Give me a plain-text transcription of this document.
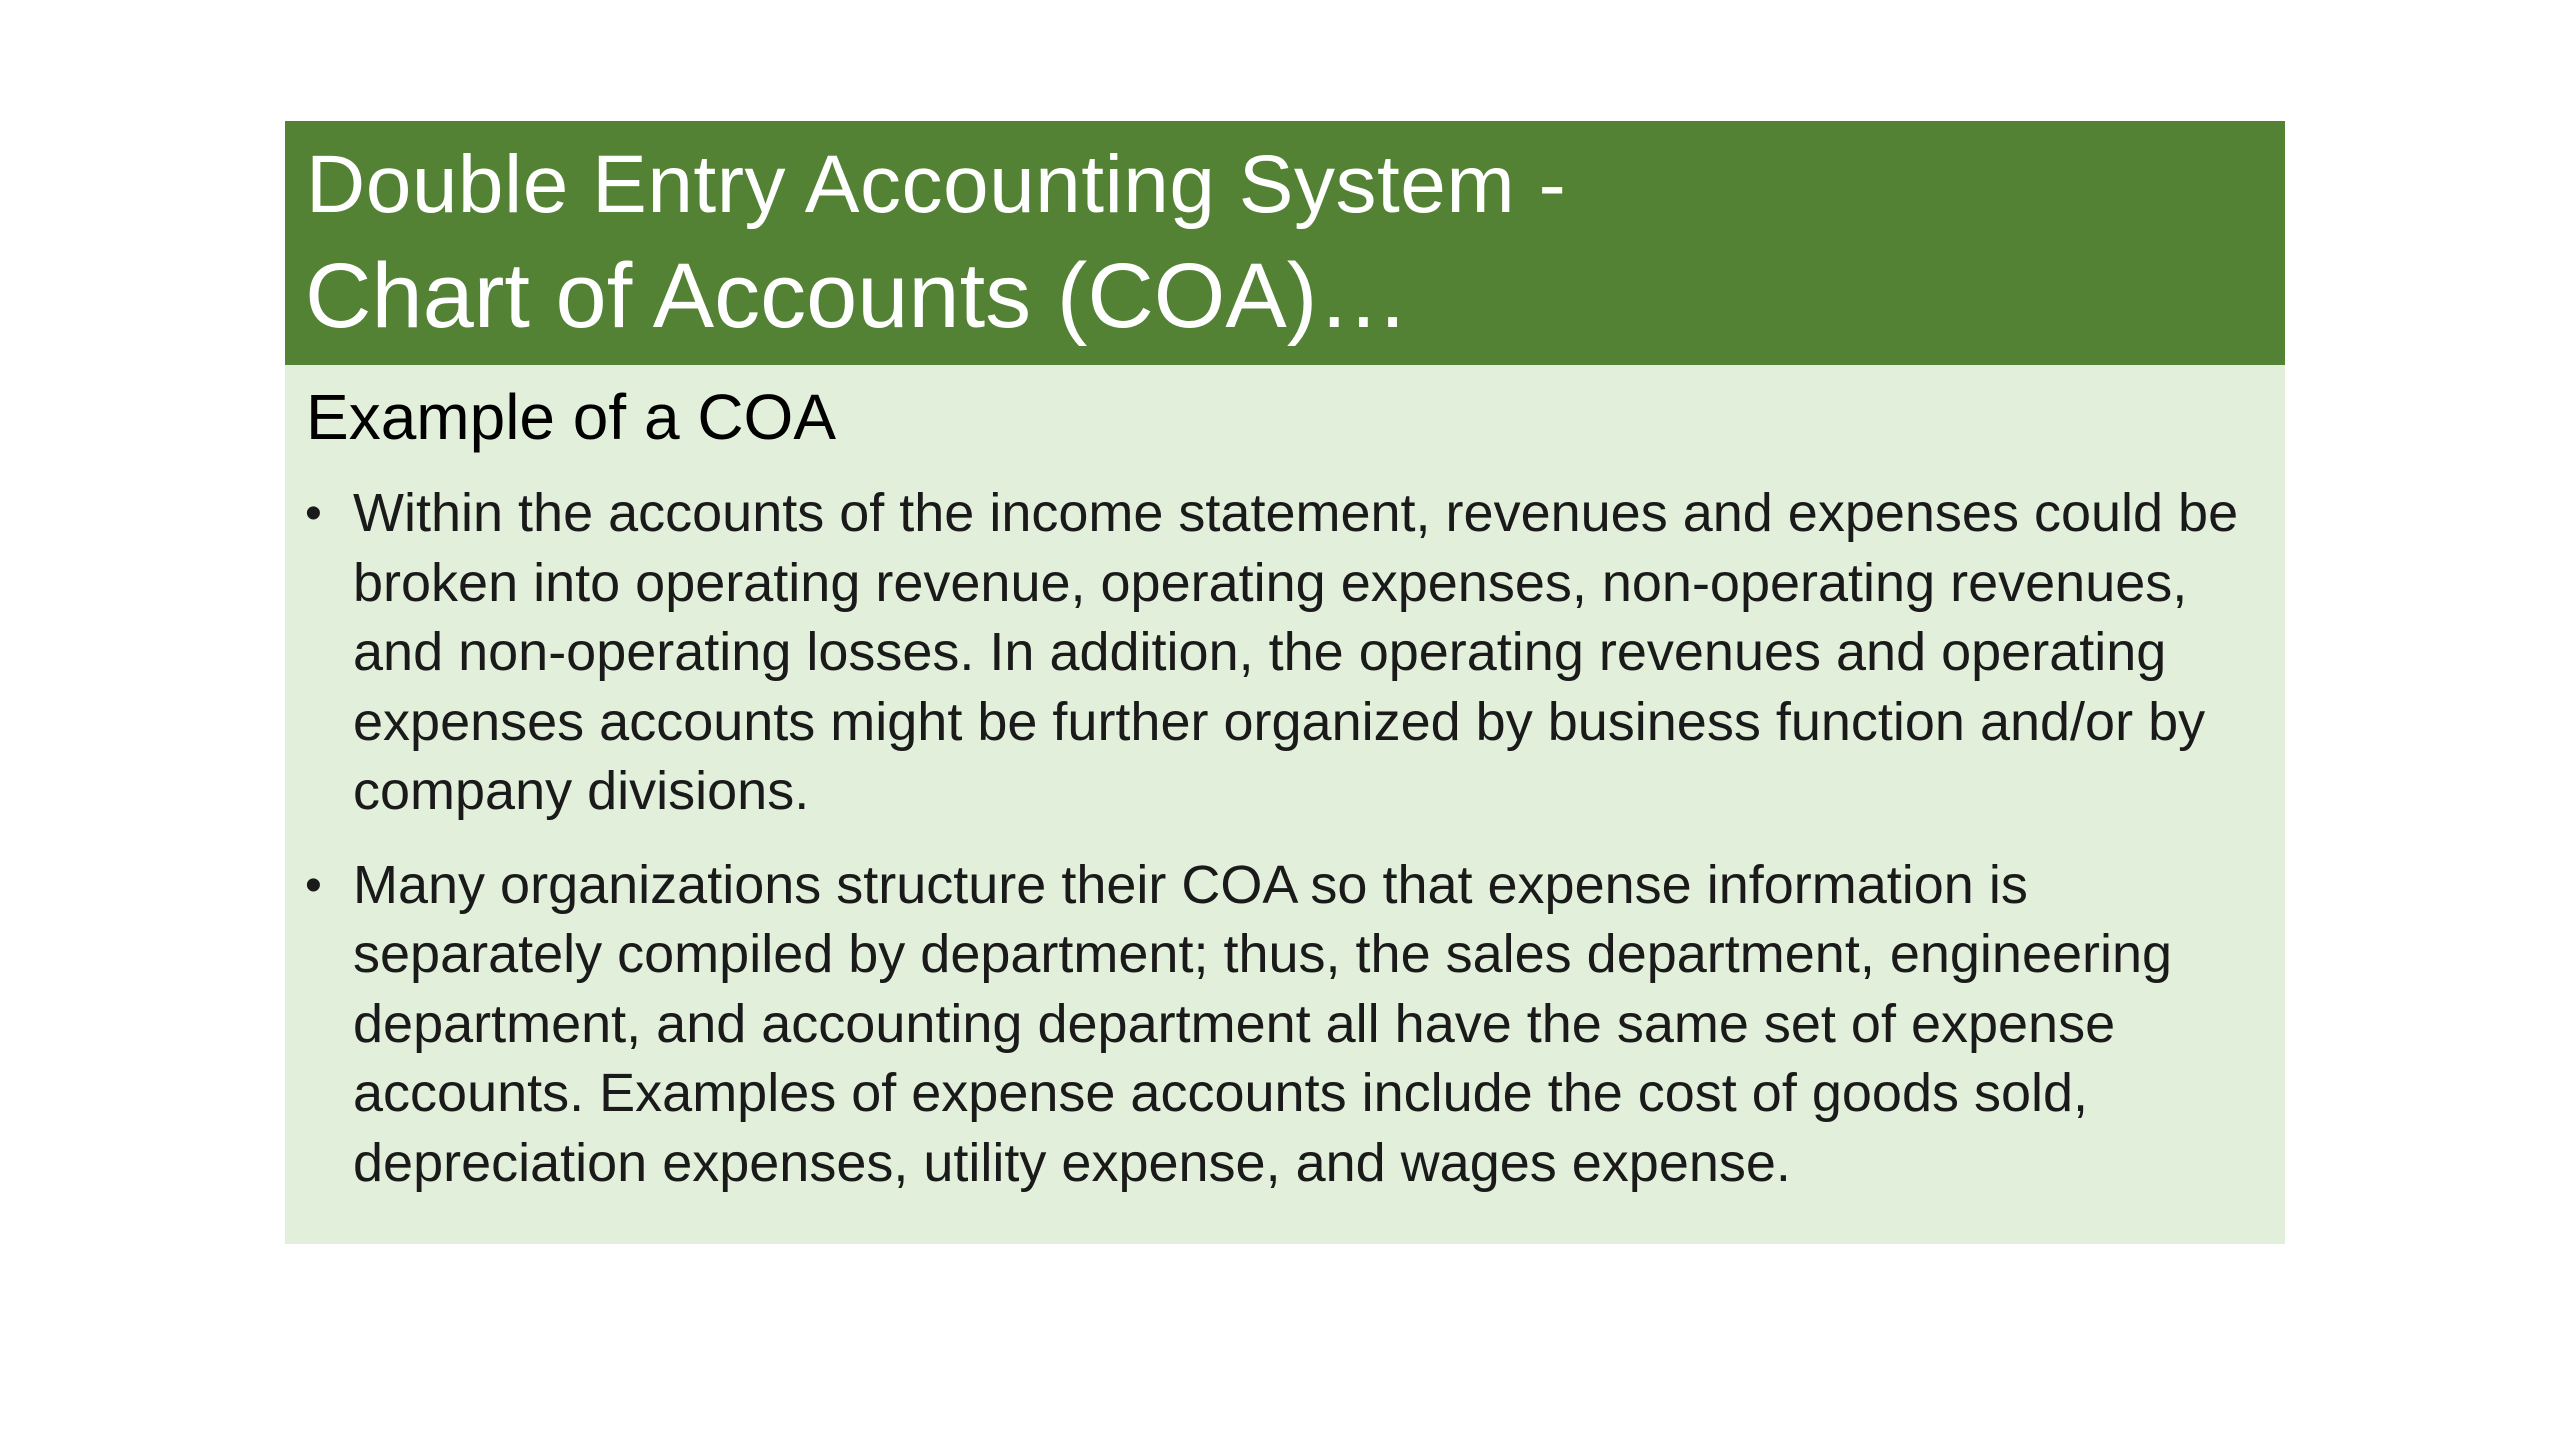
Double Entry Accounting System -
Chart of Accounts (COA)…
Example of a COA
• Within the accounts of the income statement, revenues and expenses could be broken into operating revenue, operating expenses, non-operating revenues, and non-operating losses. In addition, the operating revenues and operating expenses accounts might be further organized by business function and/or by company divisions.
• Many organizations structure their COA so that expense information is separately compiled by department; thus, the sales department, engineering department, and accounting department all have the same set of expense accounts. Examples of expense accounts include the cost of goods sold, depreciation expenses, utility expense, and wages expense.
